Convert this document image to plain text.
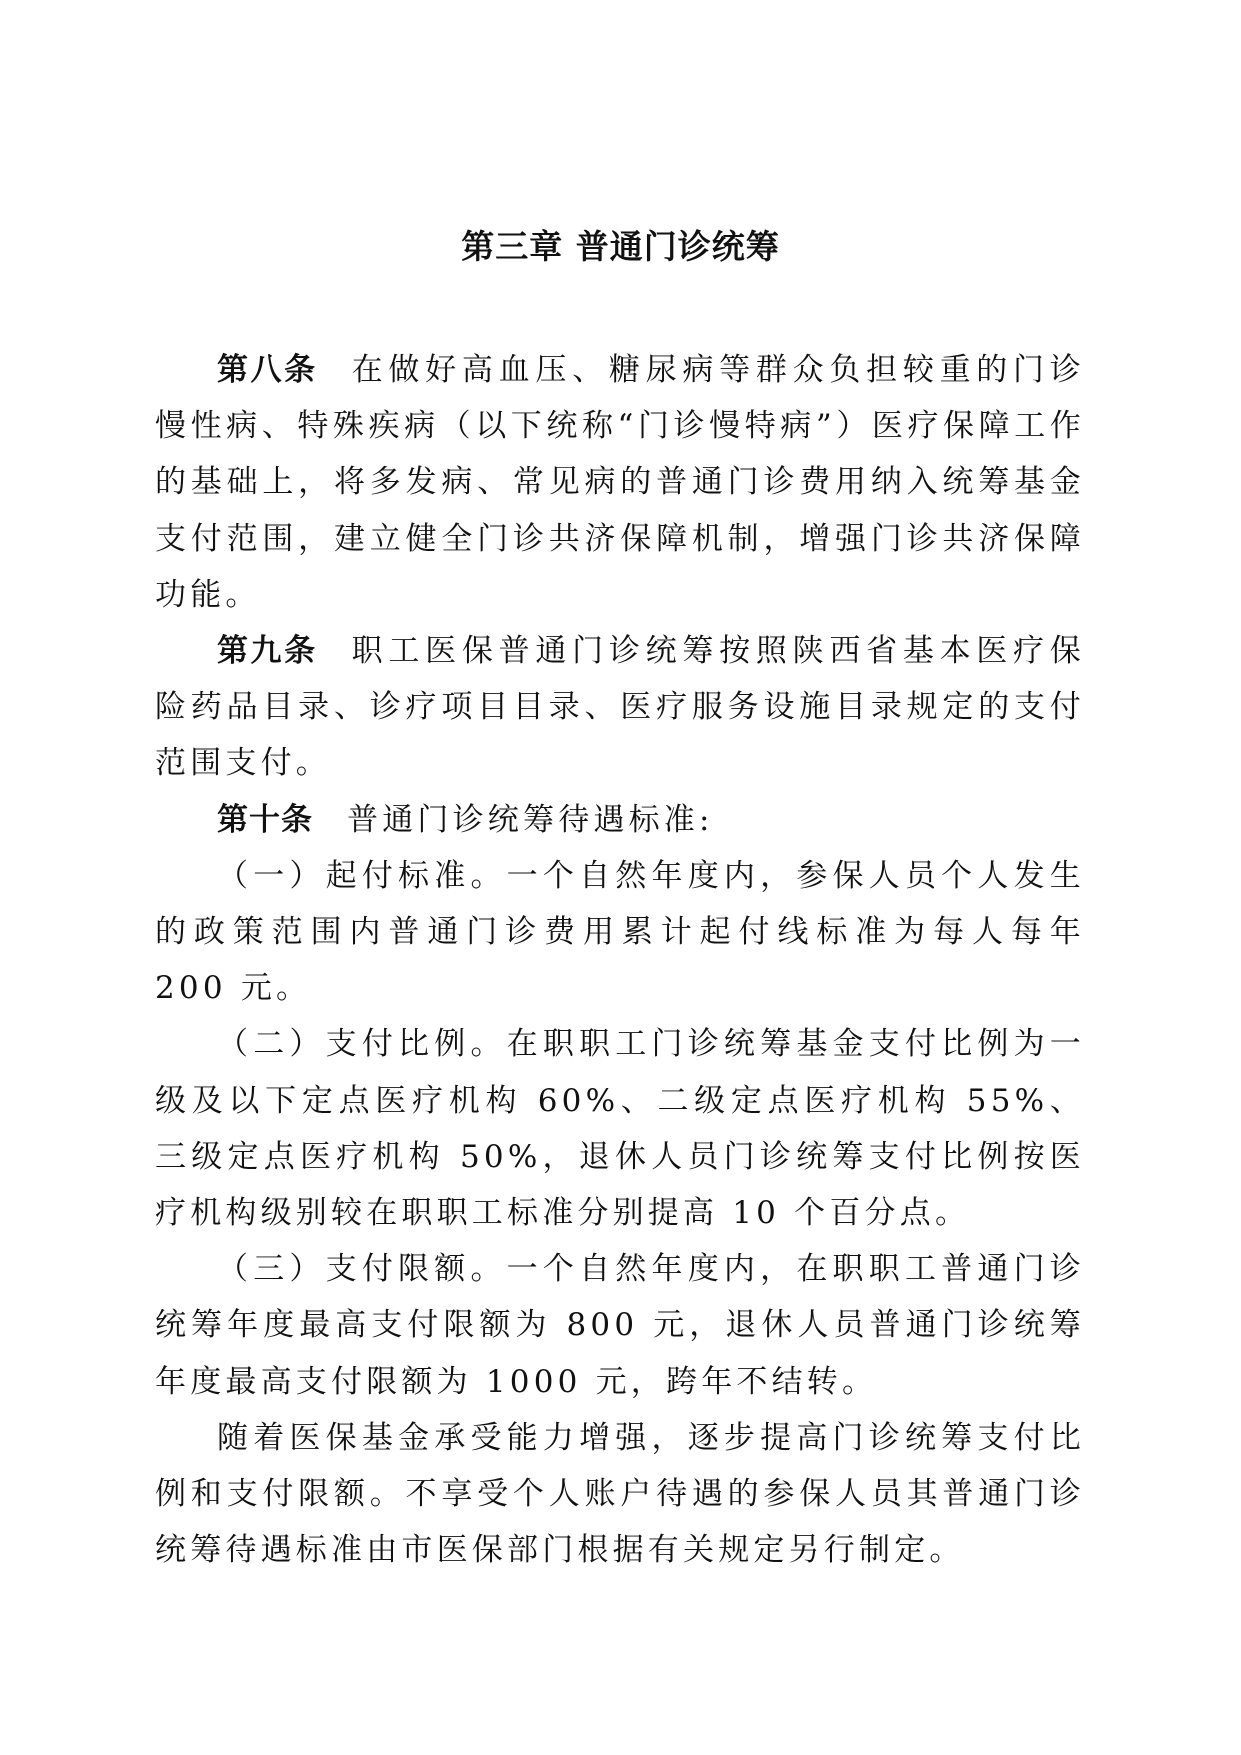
第三章 普通门诊统筹

第八条 在做好高血压、糖尿病等群众负担较重的门诊慢性病、特殊疾病（以下统称“门诊慢特病”）医疗保障工作的基础上，将多发病、常见病的普通门诊费用纳入统筹基金支付范围，建立健全门诊共济保障机制，增强门诊共济保障功能。

第九条 职工医保普通门诊统筹按照陕西省基本医疗保险药品目录、诊疗项目目录、医疗服务设施目录规定的支付范围支付。

第十条 普通门诊统筹待遇标准:

（一）起付标准。一个自然年度内，参保人员个人发生的政策范围内普通门诊费用累计起付线标准为每人每年 200 元。

（二）支付比例。在职职工门诊统筹基金支付比例为一级及以下定点医疗机构 60%、二级定点医疗机构 55%、三级定点医疗机构 50%，退休人员门诊统筹支付比例按医疗机构级别较在职职工标准分别提高 10 个百分点。

（三）支付限额。一个自然年度内，在职职工普通门诊统筹年度最高支付限额为 800 元，退休人员普通门诊统筹年度最高支付限额为 1000 元，跨年不结转。

随着医保基金承受能力增强，逐步提高门诊统筹支付比例和支付限额。不享受个人账户待遇的参保人员其普通门诊统筹待遇标准由市医保部门根据有关规定另行制定。
